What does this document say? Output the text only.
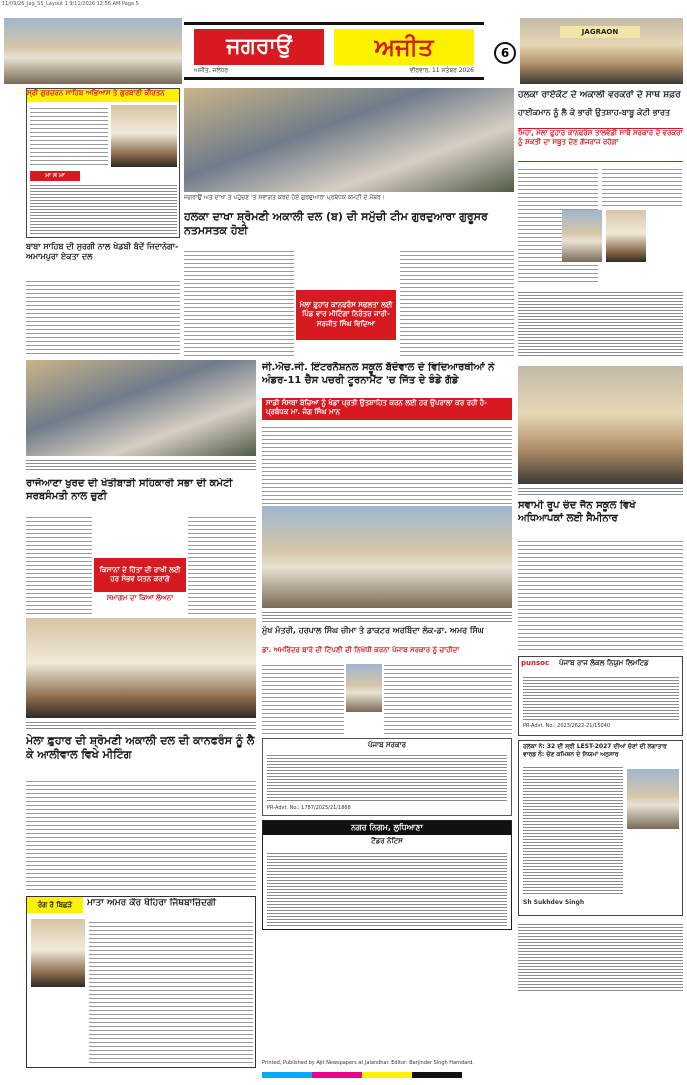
11/09/26_Jag_S5_Layout 1 9/11/2026 12:56 AM Page 5
ਜਗਰਾਉਂ	ਅਜੀਤ
ਅਜੀਤ, ਜਲੰਧਰ	ਵੀਰਵਾਰ, 11 ਸਤੰਬਰ 2026
6
JAGRAON
ਸ੍ਰੀ ਗੁਰਚਰਨ ਸਾਹਿਬ ਅਭਿਆਸ ਤੇ ਗੁਰਬਾਣੀ ਕੀਰਤਨ
ਮਾ ਸ ਮਾ
ਜਗਰਾਉਂ ਅਤੇ ਦਾਖਾ ਤੇ ਪਹੁੰਚਣ 'ਤੇ ਸਵਾਗਤ ਕਰਦੇ ਹੋਏ ਗੁਰਦੁਆਰਾ ਪ੍ਰਬੰਧਕ ਕਮੇਟੀ ਦੇ ਮੈਂਬਰ।
ਹਲਕਾ ਦਾਖਾ ਸ਼੍ਰੋਮਣੀ ਅਕਾਲੀ ਦਲ (ਬ) ਦੀ ਸਮੁੱਚੀ ਟੀਮ ਗੁਰਦੁਆਰਾ ਗੁਰੂਸਰ ਨਤਮਸਤਕ ਹੋਈ
ਹਲਕਾ ਰਾਏਕੋਟ ਦੇ ਅਕਾਲੀ ਵਰਕਰਾਂ ਦੇ ਸਾਥ ਸ਼ਫ਼ਰ
ਹਾਈਕਮਾਨ ਨੂੰ ਲੈ ਕੇ ਭਾਰੀ ਉਤਸ਼ਾਹ-ਬਾਬੂ ਕੋਟੀ ਭਾਰਤ
ਮਿਹਾ, ਮੇਲਾ ਫ਼ੁਹਾਰ ਕਾਨਫਰੰਸ ਤਾਲਵੰਡੀ ਸਾਬੋ ਸਰਕਾਰ ਦੇ ਵਰਕਰਾਂ ਨੂੰ ਸ਼ਕਤੀ ਦਾ ਸਬੂਤ ਦੇਣ ਗੱਜਰਾਜ ਰਹੱਗਾ
ਬਾਬਾ ਸਾਹਿਬ ਦੀ ਸੁਰਗੀ ਨਾਲ ਖੇਡਬੀ ਬੰਦੇਂ ਜਿਦਾਨੇਗਾ-ਅਮਾਮਪੁਰਾ ਏਕਤਾ ਦਲ
ਮੇਲਾ ਫ਼ੁਹਾਰ ਕਾਨਫਰੰਸ ਸਫਲਤਾ ਲਈ ਪਿੰਡ ਵਾਰ ਮੀਟਿੰਗਾਂ ਨਿਰੰਤਰ ਜਾਰੀ-ਸਰਜੀਤ ਸਿੰਘ ਵਿਦਿਆ
ਜੀ.ਐਚ.ਜੀ. ਇੰਟਰਨੈਸ਼ਨਲ ਸਕੂਲ ਬੱਦੋਵਾਲ ਦੇ ਵਿਦਿਆਰਥੀਆਂ ਨੇ ਅੰਡਰ-11 ਚੈਸ ਪਚਰੀ ਟੂਰਨਾਮੈਂਟ 'ਚ ਜਿੱਤ ਦੇ ਝੰਡੇ ਗੱਡੇ
ਸਾਡੀ ਸੰਸਥਾ ਬੱਚਿਆਂ ਨੂੰ ਖੇਡਾਂ ਪ੍ਰਤੀ ਉਤਸ਼ਾਹਿਤ ਕਰਨ ਲਈ ਹਰ ਉਪਰਾਲਾ ਕਰ ਰਹੀ ਹੈ-ਪ੍ਰਬੰਧਕ ਮਾ. ਜੰਗ ਸਿੰਘ ਮਾਨ
ਰਾਜੋਆਣਾ ਖੁਰਦ ਦੀ ਖੇਤੀਬਾੜੀ ਸਹਿਕਾਰੀ ਸਭਾ ਦੀ ਕਮੇਟੀ ਸਰਬਸੰਮਤੀ ਨਾਲ ਚੁਣੀ
ਕਿਸਾਨਾਂ ਦੇ ਹਿੱਤਾਂ ਦੀ ਰਾਖੀ ਲਈ ਹਰ ਸੰਭਵ ਯਤਨ ਕਰਾਂਗੇ
ਸਮਾਗਮ ਦਾ ਕਿਆਂ ਲੋਅਨਾ
ਸਵਾਮੀ ਰੂਪ ਚੰਦ ਜੈਨ ਸਕੂਲ ਵਿਖੇ ਅਧਿਆਪਕਾਂ ਲਈ ਸੈਮੀਨਾਰ
ਮੁੱਖ ਮੰਤਰੀ, ਹਰਪਾਲ ਸਿੰਘ ਚੀਮਾ ਤੇ ਡਾਕਟਰ ਅਰਬਿੰਦਾ ਲੋਕ-ਡਾ. ਅਮਰ ਸਿੰਘ
ਡਾ. ਅਮਰਿੰਦਰ ਬਾਰੇ ਦੀ ਟਿੱਪਣੀ ਦੀ ਨਿਖੇਧੀ ਕਰਨਾ ਪੰਜਾਬ ਸਰਕਾਰ ਨੂੰ ਚਾਹੀਦਾ
ਪੰਜਾਬ ਸਰਕਾਰ
PR-Advt. No.: 1787/2025/21/1868
ਮੇਲਾ ਫ਼ੁਹਾਰ ਦੀ ਸ਼੍ਰੋਮਣੀ ਅਕਾਲੀ ਦਲ ਦੀ ਕਾਨਫਰੰਸ ਨੂੰ ਲੈ ਕੇ ਆਲੀਵਾਲ ਵਿਖੇ ਮੀਟਿੰਗ
punsoc	ਪੰਜਾਬ ਰਾਜ ਲੋਕਲ ਨਿਯੁਮ ਲਿਮਟਿਡ
PR-Advt. No.: 2023/2622-21/15040
ਹਲਕਾ ਨੰ: 32 ਦੀ ਸ੍ਰੀ LEST-2027 ਦੀਆਂ ਚੋਣਾਂ ਦੀ ਲਗਾਤਾਰ ਵਾਰਡ ਨੰ: ਚੋਣ ਕਮਿਸ਼ਨ ਦੇ ਨਿਯਮਾਂ ਅਨੁਸਾਰ
Sh Sukhdev Singh
ਨਗਰ ਨਿਗਮ, ਲੁਧਿਆਣਾ
ਟੈਂਡਰ ਨੋਟਿਸ
ਰੰਗ ਰੋ ਬਿਛੜੇ	ਮਾਤਾ ਅਮਰ ਕੌਰ ਖੈਹਿਰਾ ਜਿੱਥਬਾਜ਼ਿੰਦਗੀ
Printed, Published by Ajit Newspapers at Jalandhar. Editor: Barjinder Singh Hamdard.
